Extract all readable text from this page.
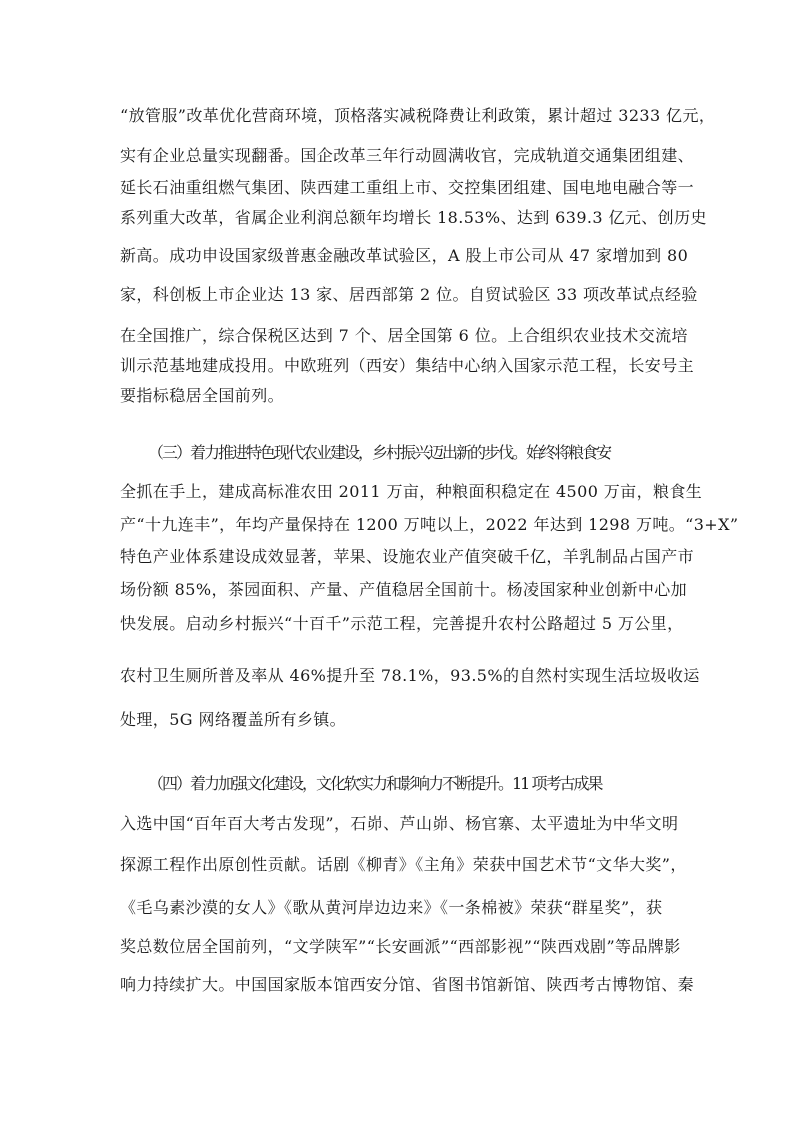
“放管服”改革优化营商环境，顶格落实减税降费让利政策，累计超过 3233 亿元，
实有企业总量实现翻番。国企改革三年行动圆满收官，完成轨道交通集团组建、
延长石油重组燃气集团、陕西建工重组上市、交控集团组建、国电地电融合等一
系列重大改革，省属企业利润总额年均增长 18.53%、达到 639.3 亿元、创历史
新高。成功申设国家级普惠金融改革试验区，A 股上市公司从 47 家增加到 80
家，科创板上市企业达 13 家、居西部第 2 位。自贸试验区 33 项改革试点经验
在全国推广，综合保税区达到 7 个、居全国第 6 位。上合组织农业技术交流培
训示范基地建成投用。中欧班列（西安）集结中心纳入国家示范工程，长安号主
要指标稳居全国前列。
（三）着力推进特色现代农业建设，乡村振兴迈出新的步伐。始终将粮食安
全抓在手上，建成高标准农田 2011 万亩，种粮面积稳定在 4500 万亩，粮食生
产“十九连丰”，年均产量保持在 1200 万吨以上，2022 年达到 1298 万吨。“3+X”
特色产业体系建设成效显著，苹果、设施农业产值突破千亿，羊乳制品占国产市
场份额 85%，茶园面积、产量、产值稳居全国前十。杨凌国家种业创新中心加
快发展。启动乡村振兴“十百千”示范工程，完善提升农村公路超过 5 万公里，
农村卫生厕所普及率从 46%提升至 78.1%，93.5%的自然村实现生活垃圾收运
处理，5G 网络覆盖所有乡镇。
（四）着力加强文化建设，文化软实力和影响力不断提升。11 项考古成果
入选中国“百年百大考古发现”，石峁、芦山峁、杨官寨、太平遗址为中华文明
探源工程作出原创性贡献。话剧《柳青》《主角》荣获中国艺术节“文华大奖”，
《毛乌素沙漠的女人》《歌从黄河岸边边来》《一条棉被》荣获“群星奖”，获
奖总数位居全国前列，“文学陕军”“长安画派”“西部影视”“陕西戏剧”等品牌影
响力持续扩大。中国国家版本馆西安分馆、省图书馆新馆、陕西考古博物馆、秦
